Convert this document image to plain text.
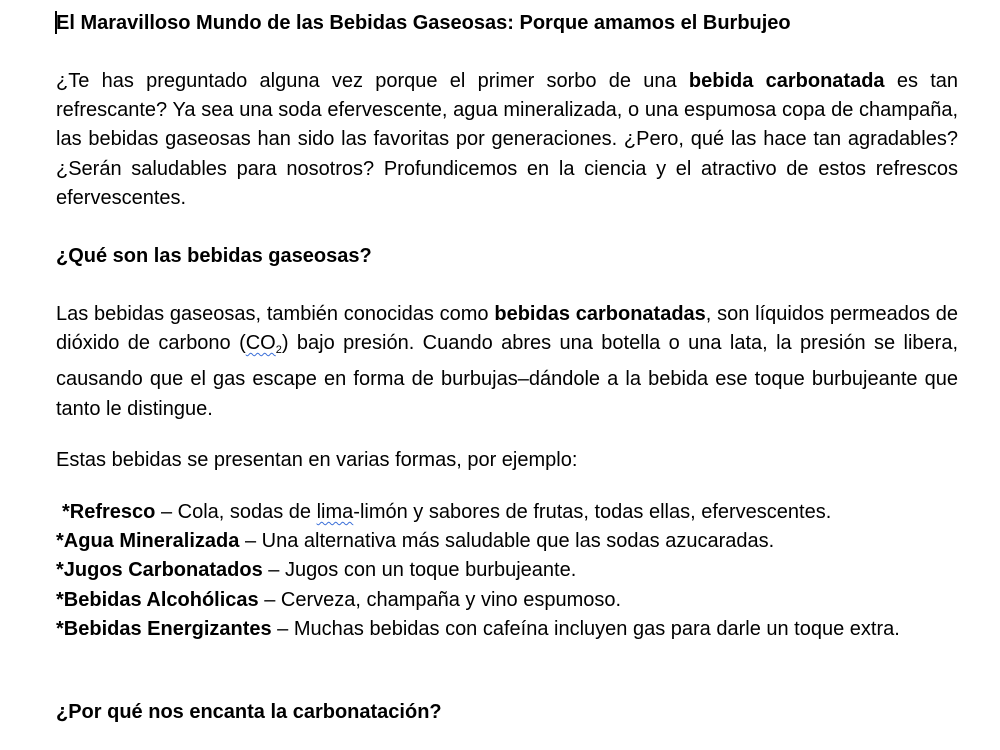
El Maravilloso Mundo de las Bebidas Gaseosas: Porque amamos el Burbujeo

¿Te has preguntado alguna vez porque el primer sorbo de una bebida carbonatada es tan refrescante? Ya sea una soda efervescente, agua mineralizada, o una espumosa copa de champaña, las bebidas gaseosas han sido las favoritas por generaciones. ¿Pero, qué las hace tan agradables? ¿Serán saludables para nosotros? Profundicemos en la ciencia y el atractivo de estos refrescos efervescentes.

¿Qué son las bebidas gaseosas?

Las bebidas gaseosas, también conocidas como bebidas carbonatadas, son líquidos permeados de dióxido de carbono $(CO_2)$ bajo presión. Cuando abres una botella o una lata, la presión se libera, causando que el gas escape en forma de burbujas–dándole a la bebida ese toque burbujeante que tanto le distingue.

Estas bebidas se presentan en varias formas, por ejemplo:

*Refresco – Cola, sodas de lima-limón y sabores de frutas, todas ellas, efervescentes.
*Agua Mineralizada – Una alternativa más saludable que las sodas azucaradas.
*Jugos Carbonatados – Jugos con un toque burbujeante.
*Bebidas Alcohólicas – Cerveza, champaña y vino espumoso.
*Bebidas Energizantes – Muchas bebidas con cafeína incluyen gas para darle un toque extra.
¿Por qué nos encanta la carbonatación?
